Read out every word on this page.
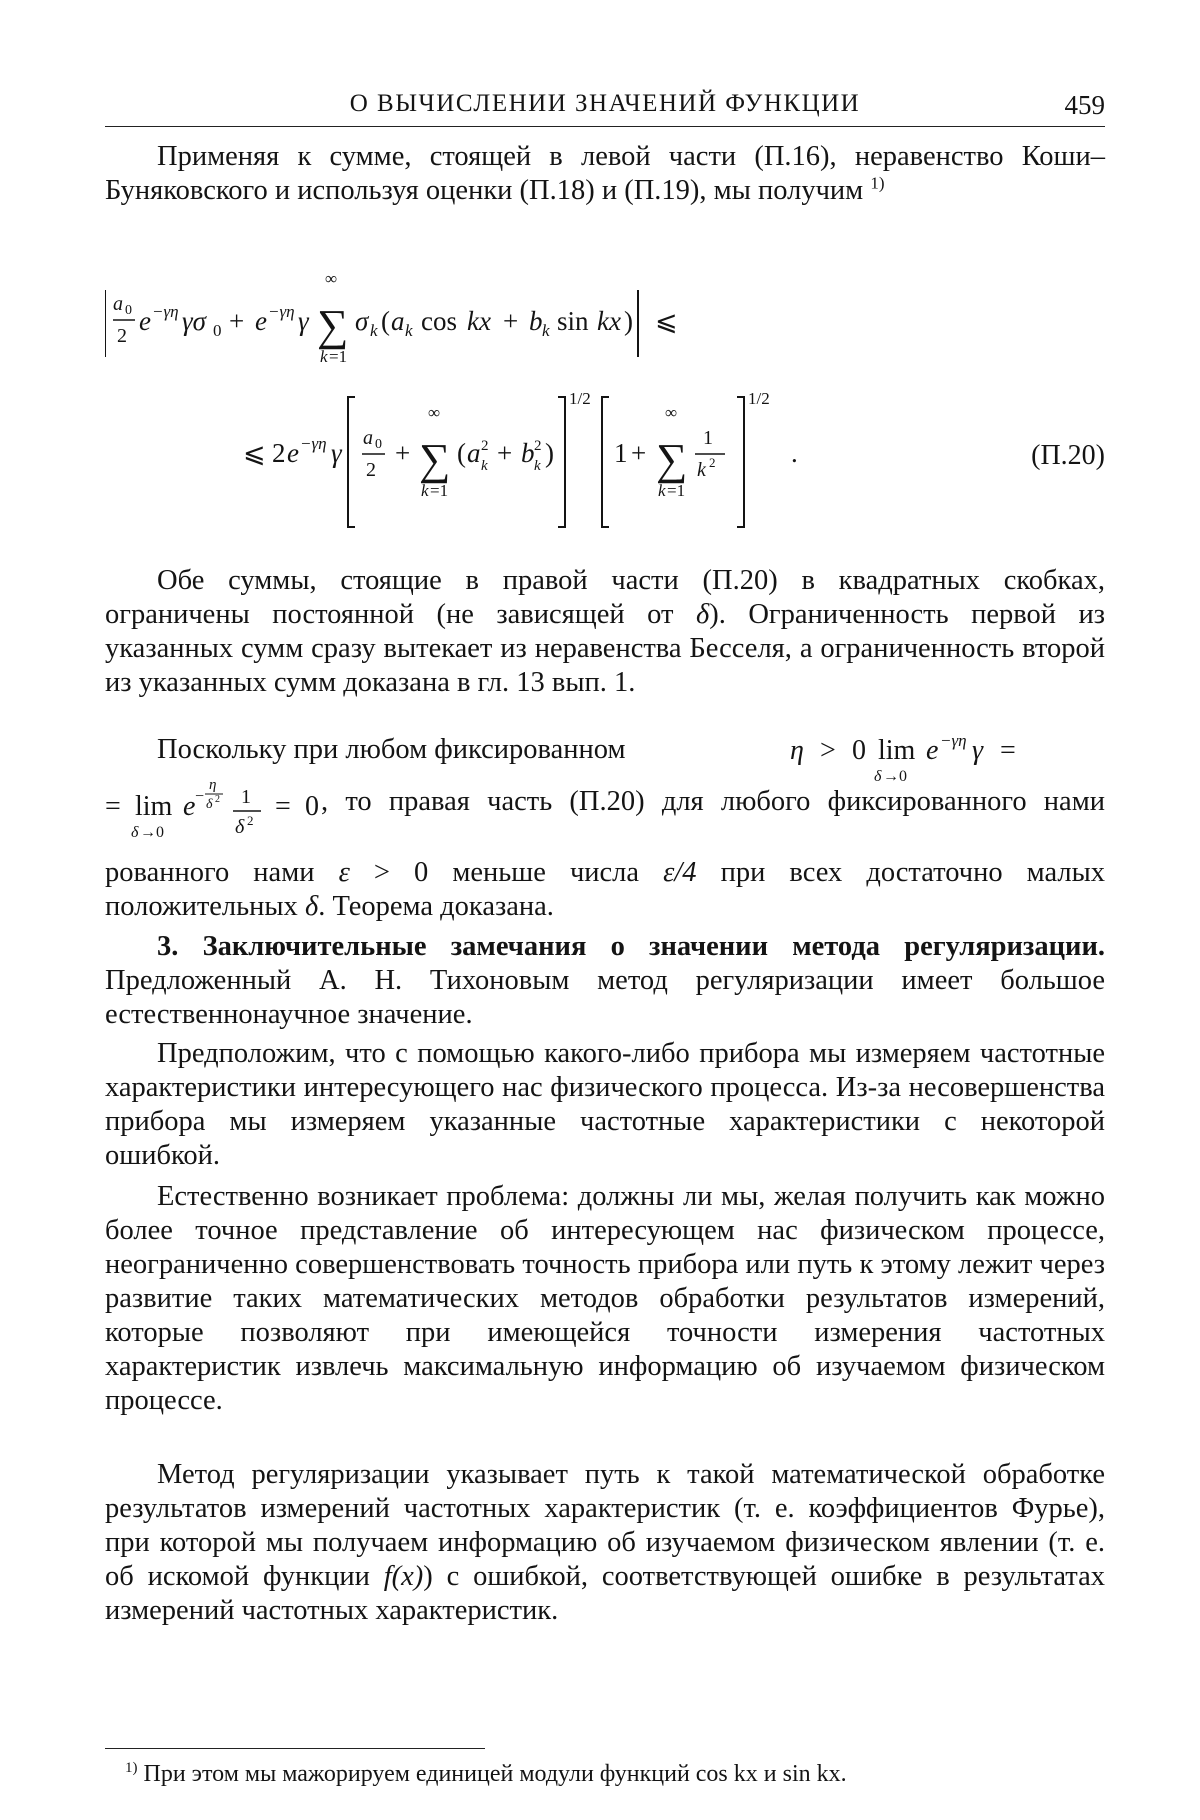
О ВЫЧИСЛЕНИИ ЗНАЧЕНИЙ ФУНКЦИИ	459

Применяя к сумме, стоящей в левой части (П.16), неравенство Коши–Буняковского и используя оценки (П.18) и (П.19), мы получим $^{1)}$

a 0
2 e −γη γσ 0 + e −γη γ ∑
∞
k =1
σ k ( a k cos kx + b k sin kx ) ⩽
⩽ 2 e −γη γ a 0
2
+ ∑
∞
k =1
( a 2
k + b 2
k )
1/2
1 + ∑
∞
k =1
1
k 2
1/2
.	(П.20)

Обе суммы, стоящие в правой части (П.20) в квадратных скобках, ограничены постоянной (не зависящей от δ). Ограниченность первой из указанных сумм сразу вытекает из неравенства Бесселя, а ограниченность второй из указанных сумм доказана в гл. 13 вып. 1.

Поскольку при любом фиксированном	η > 0 lim
δ →0
e −γη γ =
= lim
δ →0
e −
η
δ 2 1
δ 2 = 0 , то правая часть (П.20) для любого фиксированного нами

рованного нами ε > 0 меньше числа ε/4 при всех достаточно малых положительных δ. Теорема доказана.

3. Заключительные замечания о значении метода регуляризации. Предложенный А. Н. Тихоновым метод регуляризации имеет большое естественнонаучное значение.

Предположим, что с помощью какого-либо прибора мы измеряем частотные характеристики интересующего нас физического процесса. Из-за несовершенства прибора мы измеряем указанные частотные характеристики с некоторой ошибкой.

Естественно возникает проблема: должны ли мы, желая получить как можно более точное представление об интересующем нас физическом процессе, неограниченно совершенствовать точность прибора или путь к этому лежит через развитие таких математических методов обработки результатов измерений, которые позволяют при имеющейся точности измерения частотных характеристик извлечь максимальную информацию об изучаемом физическом процессе.

Метод регуляризации указывает путь к такой математической обработке результатов измерений частотных характеристик (т. е. коэффициентов Фурье), при которой мы получаем информацию об изучаемом физическом явлении (т. е. об искомой функции f(x)) с ошибкой, соответствующей ошибке в результатах измерений частотных характеристик.

$^{1)}$ При этом мы мажорируем единицей модули функций cos kx и sin kx.
